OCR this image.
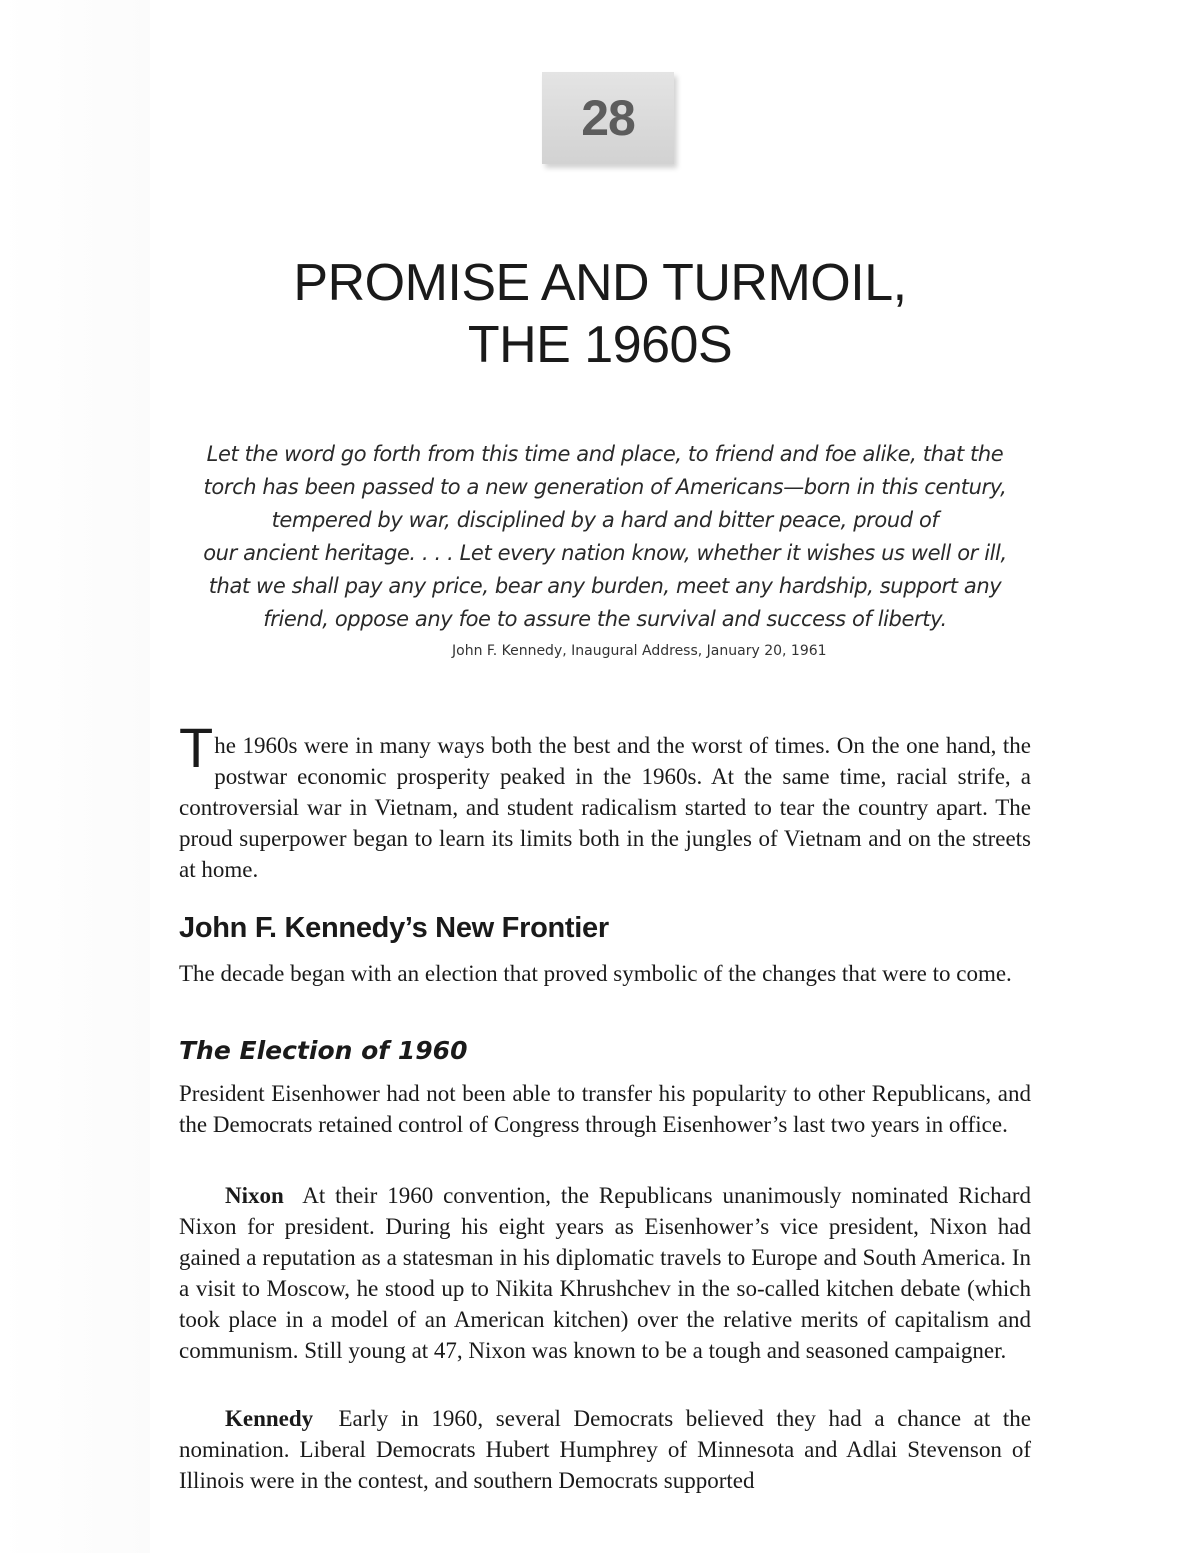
28
PROMISE AND TURMOIL,
THE 1960S
Let the word go forth from this time and place, to friend and foe alike, that the
torch has been passed to a new generation of Americans—born in this century,
tempered by war, disciplined by a hard and bitter peace, proud of
our ancient heritage. . . . Let every nation know, whether it wishes us well or ill,
that we shall pay any price, bear any burden, meet any hardship, support any
friend, oppose any foe to assure the survival and success of liberty.
John F. Kennedy, Inaugural Address, January 20, 1961

The 1960s were in many ways both the best and the worst of times. On the one hand, the postwar economic prosperity peaked in the 1960s. At the same time, racial strife, a controversial war in Vietnam, and student radicalism started to tear the country apart. The proud superpower began to learn its limits both in the jungles of Vietnam and on the streets at home.

John F. Kennedy’s New Frontier

The decade began with an election that proved symbolic of the changes that were to come.

The Election of 1960

President Eisenhower had not been able to transfer his popularity to other Republicans, and the Democrats retained control of Congress through Eisenhower’s last two years in office.

Nixon At their 1960 convention, the Republicans unanimously nominated Richard Nixon for president. During his eight years as Eisenhower’s vice president, Nixon had gained a reputation as a statesman in his diplomatic travels to Europe and South America. In a visit to Moscow, he stood up to Nikita Khrushchev in the so-called kitchen debate (which took place in a model of an American kitchen) over the relative merits of capitalism and communism. Still young at 47, Nixon was known to be a tough and seasoned campaigner.

Kennedy Early in 1960, several Democrats believed they had a chance at the nomination. Liberal Democrats Hubert Humphrey of Minnesota and Adlai Stevenson of Illinois were in the contest, and southern Democrats supported
